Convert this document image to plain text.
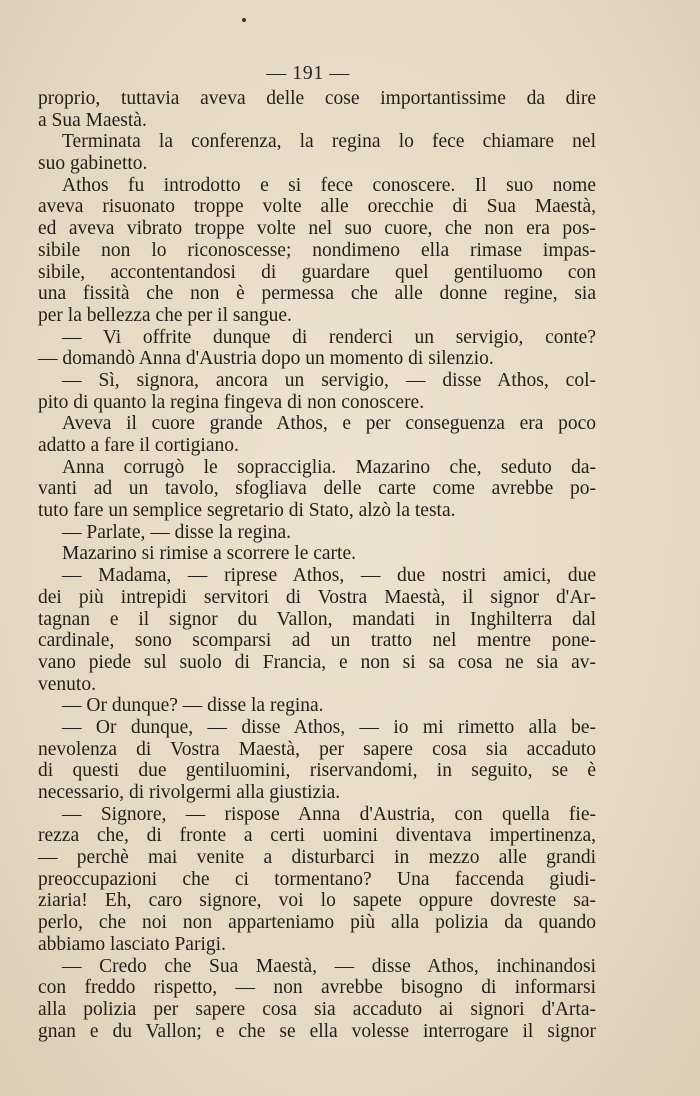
— 191 —
proprio, tuttavia aveva delle cose importantissime da dire
a Sua Maestà.
Terminata la conferenza, la regina lo fece chiamare nel
suo gabinetto.
Athos fu introdotto e si fece conoscere. Il suo nome
aveva risuonato troppe volte alle orecchie di Sua Maestà,
ed aveva vibrato troppe volte nel suo cuore, che non era pos-
sibile non lo riconoscesse; nondimeno ella rimase impas-
sibile, accontentandosi di guardare quel gentiluomo con
una fissità che non è permessa che alle donne regine, sia
per la bellezza che per il sangue.
— Vi offrite dunque di renderci un servigio, conte?
— domandò Anna d'Austria dopo un momento di silenzio.
— Sì, signora, ancora un servigio, — disse Athos, col-
pito di quanto la regina fingeva di non conoscere.
Aveva il cuore grande Athos, e per conseguenza era poco
adatto a fare il cortigiano.
Anna corrugò le sopracciglia. Mazarino che, seduto da-
vanti ad un tavolo, sfogliava delle carte come avrebbe po-
tuto fare un semplice segretario di Stato, alzò la testa.
— Parlate, — disse la regina.
Mazarino si rimise a scorrere le carte.
— Madama, — riprese Athos, — due nostri amici, due
dei più intrepidi servitori di Vostra Maestà, il signor d'Ar-
tagnan e il signor du Vallon, mandati in Inghilterra dal
cardinale, sono scomparsi ad un tratto nel mentre pone-
vano piede sul suolo di Francia, e non si sa cosa ne sia av-
venuto.
— Or dunque? — disse la regina.
— Or dunque, — disse Athos, — io mi rimetto alla be-
nevolenza di Vostra Maestà, per sapere cosa sia accaduto
di questi due gentiluomini, riservandomi, in seguito, se è
necessario, di rivolgermi alla giustizia.
— Signore, — rispose Anna d'Austria, con quella fie-
rezza che, di fronte a certi uomini diventava impertinenza,
— perchè mai venite a disturbarci in mezzo alle grandi
preoccupazioni che ci tormentano? Una faccenda giudi-
ziaria! Eh, caro signore, voi lo sapete oppure dovreste sa-
perlo, che noi non apparteniamo più alla polizia da quando
abbiamo lasciato Parigi.
— Credo che Sua Maestà, — disse Athos, inchinandosi
con freddo rispetto, — non avrebbe bisogno di informarsi
alla polizia per sapere cosa sia accaduto ai signori d'Arta-
gnan e du Vallon; e che se ella volesse interrogare il signor
